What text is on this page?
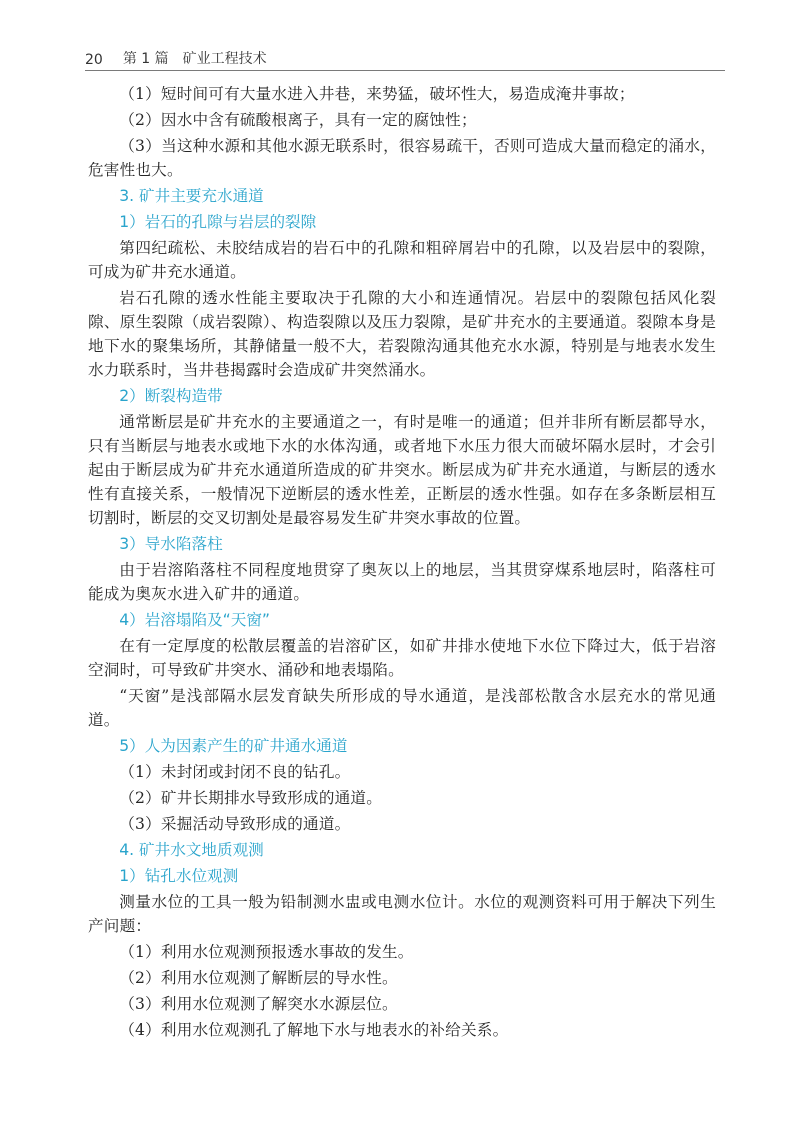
20 第 1 篇 矿业工程技术
（1）短时间可有大量水进入井巷，来势猛，破坏性大，易造成淹井事故；
（2）因水中含有硫酸根离子，具有一定的腐蚀性；
（3）当这种水源和其他水源无联系时，很容易疏干，否则可造成大量而稳定的涌水，危害性也大。
3. 矿井主要充水通道
1）岩石的孔隙与岩层的裂隙
第四纪疏松、未胶结成岩的岩石中的孔隙和粗碎屑岩中的孔隙，以及岩层中的裂隙，可成为矿井充水通道。
岩石孔隙的透水性能主要取决于孔隙的大小和连通情况。岩层中的裂隙包括风化裂隙、原生裂隙（成岩裂隙）、构造裂隙以及压力裂隙，是矿井充水的主要通道。裂隙本身是地下水的聚集场所，其静储量一般不大，若裂隙沟通其他充水水源，特别是与地表水发生水力联系时，当井巷揭露时会造成矿井突然涌水。
2）断裂构造带
通常断层是矿井充水的主要通道之一，有时是唯一的通道；但并非所有断层都导水，只有当断层与地表水或地下水的水体沟通，或者地下水压力很大而破坏隔水层时，才会引起由于断层成为矿井充水通道所造成的矿井突水。断层成为矿井充水通道，与断层的透水性有直接关系，一般情况下逆断层的透水性差，正断层的透水性强。如存在多条断层相互切割时，断层的交叉切割处是最容易发生矿井突水事故的位置。
3）导水陷落柱
由于岩溶陷落柱不同程度地贯穿了奥灰以上的地层，当其贯穿煤系地层时，陷落柱可能成为奥灰水进入矿井的通道。
4）岩溶塌陷及“天窗”
在有一定厚度的松散层覆盖的岩溶矿区，如矿井排水使地下水位下降过大，低于岩溶空洞时，可导致矿井突水、涌砂和地表塌陷。
“天窗”是浅部隔水层发育缺失所形成的导水通道，是浅部松散含水层充水的常见通道。
5）人为因素产生的矿井通水通道
（1）未封闭或封闭不良的钻孔。
（2）矿井长期排水导致形成的通道。
（3）采掘活动导致形成的通道。
4. 矿井水文地质观测
1）钻孔水位观测
测量水位的工具一般为铅制测水盅或电测水位计。水位的观测资料可用于解决下列生产问题：
（1）利用水位观测预报透水事故的发生。
（2）利用水位观测了解断层的导水性。
（3）利用水位观测了解突水水源层位。
（4）利用水位观测孔了解地下水与地表水的补给关系。
